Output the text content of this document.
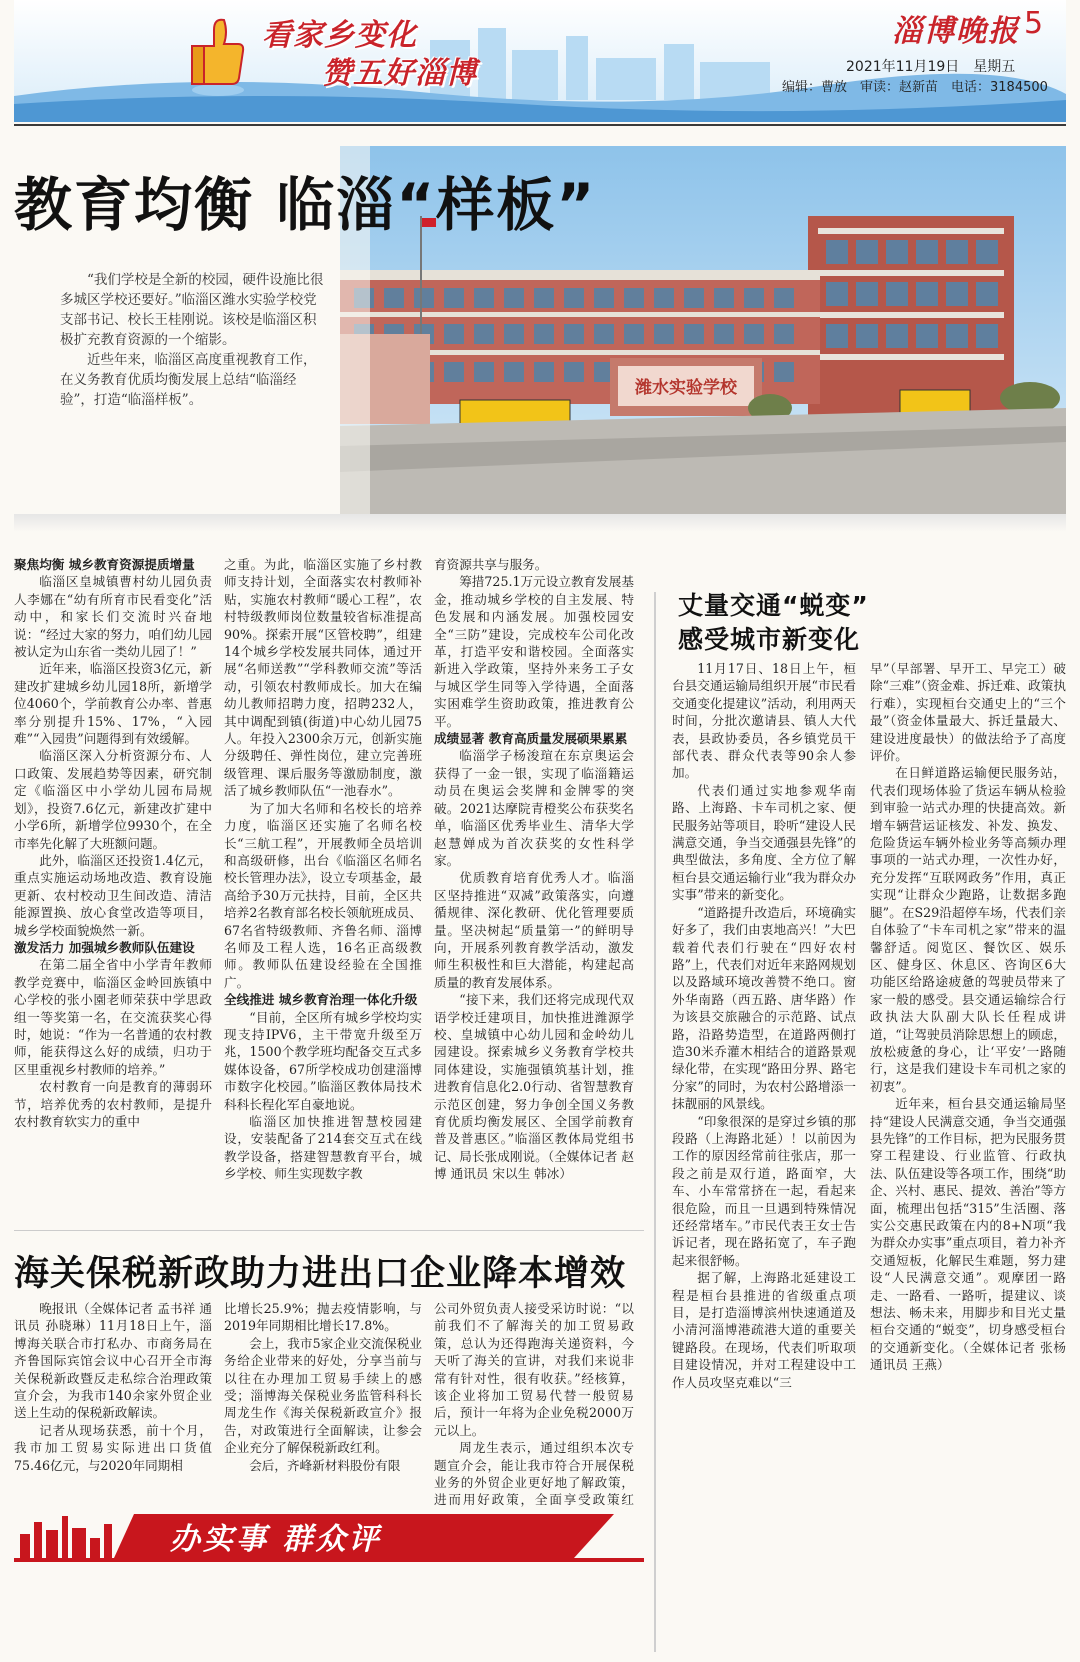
看家乡变化
赞五好淄博
淄博晚报 5
2021年11月19日　星期五
编辑：曹放　审读：赵新苗　电话：3184500
潍水实验学校
教育均衡 临淄“样板”

“我们学校是全新的校园，硬件设施比很多城区学校还要好。”临淄区潍水实验学校党支部书记、校长王桂刚说。该校是临淄区积极扩充教育资源的一个缩影。

近些年来，临淄区高度重视教育工作，在义务教育优质均衡发展上总结“临淄经验”，打造“临淄样板”。

聚焦均衡 城乡教育资源提质增量

临淄区皇城镇曹村幼儿园负责人李娜在“幼有所育市民看变化”活动中，和家长们交流时兴奋地说：“经过大家的努力，咱们幼儿园被认定为山东省一类幼儿园了！”

近年来，临淄区投资3亿元，新建改扩建城乡幼儿园18所，新增学位4060个，学前教育公办率、普惠率分别提升15%、17%，“入园难”“入园贵”问题得到有效缓解。

临淄区深入分析资源分布、人口政策、发展趋势等因素，研究制定《临淄区中小学幼儿园布局规划》，投资7.6亿元，新建改扩建中小学6所，新增学位9930个，在全市率先化解了大班额问题。

此外，临淄区还投资1.4亿元，重点实施运动场地改造、教育设施更新、农村校动卫生间改造、清洁能源置换、放心食堂改造等项目，城乡学校面貌焕然一新。

激发活力 加强城乡教师队伍建设

在第二届全省中小学青年教师教学竞赛中，临淄区金岭回族镇中心学校的张小園老师荣获中学思政组一等奖第一名，在交流获奖心得时，她说：“作为一名普通的农村教师，能获得这么好的成绩，归功于区里重视乡村教师的培养。”

农村教育一向是教育的薄弱环节，培养优秀的农村教师，是提升农村教育软实力的重中

之重。为此，临淄区实施了乡村教师支持计划，全面落实农村教师补贴，实施农村教师“暖心工程”，农村特级教师岗位数量较省标准提高90%。探索开展“区管校聘”，组建14个城乡学校发展共同体，通过开展“名师送教”“学科教师交流”等活动，引领农村教师成长。加大在编幼儿教师招聘力度，招聘232人，其中调配到镇(街道)中心幼儿园75人。年投入2300余万元，创新实施分级聘任、弹性岗位，建立完善班级管理、课后服务等激励制度，激活了城乡教师队伍“一池春水”。

为了加大名师和名校长的培养力度，临淄区还实施了名师名校长“三航工程”，开展教师全员培训和高级研修，出台《临淄区名师名校长管理办法》，设立专项基金，最高给予30万元扶持，目前，全区共培养2名教育部名校长领航班成员、67名省特级教师、齐鲁名师、淄博名师及工程人选，16名正高级教师。教师队伍建设经验在全国推广。

全线推进 城乡教育治理一体化升级

“目前，全区所有城乡学校均实现支持IPV6，主干带宽升级至万兆，1500个教学班均配备交互式多媒体设备，67所学校成功创建淄博市数字化校园。”临淄区教体局技术科科长程化军自豪地说。

临淄区加快推进智慧校园建设，安装配备了214套交互式在线教学设备，搭建智慧教育平台，城乡学校、师生实现数字教

育资源共享与服务。

筹措725.1万元设立教育发展基金，推动城乡学校的自主发展、特色发展和内涵发展。加强校园安全“三防”建设，完成校车公司化改革，打造平安和谐校园。全面落实新进入学政策，坚持外来务工子女与城区学生同等入学待遇，全面落实困难学生资助政策，推进教育公平。

成绩显著 教育高质量发展硕果累累

临淄学子杨浚瑄在东京奥运会获得了一金一银，实现了临淄籍运动员在奥运会奖牌和金牌零的突破。2021达摩院青橙奖公布获奖名单，临淄区优秀毕业生、清华大学赵慧婵成为首次获奖的女性科学家。

优质教育培育优秀人才。临淄区坚持推进“双减”政策落实，向遵循规律、深化教研、优化管理要质量。坚决树起“质量第一”的鲜明导向，开展系列教育教学活动，激发师生积极性和巨大潜能，构建起高质量的教育发展体系。

“接下来，我们还将完成现代双语学校迁建项目，加快推进潍源学校、皇城镇中心幼儿园和金岭幼儿园建设。探索城乡义务教育学校共同体建设，实施强镇筑基计划，推进教育信息化2.0行动、省智慧教育示范区创建，努力争创全国义务教育优质均衡发展区、全国学前教育普及普惠区。”临淄区教体局党组书记、局长张成刚说。（全媒体记者 赵博 通讯员 宋以生 韩冰）

丈量交通“蜕变”
感受城市新变化

11月17日、18日上午，桓台县交通运输局组织开展“市民看交通变化提建议”活动，利用两天时间，分批次邀请县、镇人大代表，县政协委员，各乡镇党员干部代表、群众代表等90余人参加。

代表们通过实地参观华南路、上海路、卡车司机之家、便民服务站等项目，聆听“建设人民满意交通，争当交通强县先锋”的典型做法，多角度、全方位了解桓台县交通运输行业“我为群众办实事”带来的新变化。

“道路提升改造后，环境确实好多了，我们由衷地高兴！”大巴载着代表们行驶在“四好农村路”上，代表们对近年来路网规划以及路域环境改善赞不绝口。窗外华南路（西五路、唐华路）作为该县交旅融合的示范路、试点路，沿路势造型，在道路两侧打造30米乔灌木相结合的道路景观绿化带，在实现“路田分界、路宅分家”的同时，为农村公路增添一抹靓丽的风景线。

“印象很深的是穿过乡镇的那段路（上海路北延）！以前因为工作的原因经常前往张店，那一段之前是双行道，路面窄，大车、小车常常挤在一起，看起来很危险，而且一旦遇到特殊情况还经常堵车。”市民代表王女士告诉记者，现在路拓宽了，车子跑起来很舒畅。

据了解，上海路北延建设工程是桓台县推进的省级重点项目，是打造淄博滨州快速通道及小清河淄博港疏港大道的重要关键路段。在现场，代表们听取项目建设情况，并对工程建设中工作人员攻坚克难以“三

早”（早部署、早开工、早完工）破除“三难”（资金难、拆迁难、政策执行难），实现桓台交通史上的“三个最”（资金体量最大、拆迁量最大、建设进度最快）的做法给予了高度评价。

在日鲜道路运输便民服务站，代表们现场体验了货运车辆从检验到审验一站式办理的快捷高效。新增车辆营运证核发、补发、换发、危险货运车辆外检业务等高频办理事项的一站式办理，一次性办好，充分发挥“互联网政务”作用，真正实现“让群众少跑路，让数据多跑腿”。在S29沿超停车场，代表们亲自体验了“卡车司机之家”带来的温馨舒适。阅览区、餐饮区、娱乐区、健身区、休息区、咨询区6大功能区给路途疲惫的驾驶员带来了家一般的感受。县交通运输综合行政执法大队副大队长任程成讲道，“让驾驶员消除思想上的顾虑，放松疲惫的身心，让‘平安’一路随行，这是我们建设卡车司机之家的初衷”。

近年来，桓台县交通运输局坚持“建设人民满意交通，争当交通强县先锋”的工作目标，把为民服务贯穿工程建设、行业监管、行政执法、队伍建设等各项工作，围绕“助企、兴村、惠民、提效、善治”等方面，梳理出包括“315”生活圈、落实公交惠民政策在内的8+N项“我为群众办实事”重点项目，着力补齐交通短板，化解民生难题，努力建设“人民满意交通”。观摩团一路走、一路看、一路听，提建议、谈想法、畅未来，用脚步和目光丈量桓台交通的“蜕变”，切身感受桓台的交通新变化。（全媒体记者 张杨 通讯员 王燕）

海关保税新政助力进出口企业降本增效

晚报讯（全媒体记者 孟书祥 通讯员 孙晓琳）11月18日上午，淄博海关联合市打私办、市商务局在齐鲁国际宾馆会议中心召开全市海关保税新政暨反走私综合治理政策宣介会，为我市140余家外贸企业送上生动的保税新政解读。

记者从现场获悉，前十个月，我市加工贸易实际进出口货值75.46亿元，与2020年同期相

比增长25.9%；抛去疫情影响，与2019年同期相比增长17.8%。

会上，我市5家企业交流保税业务给企业带来的好处，分享当前与以往在办理加工贸易手续上的感受；淄博海关保税业务监管科科长周龙生作《海关保税新政宣介》报告，对政策进行全面解读，让参会企业充分了解保税新政红利。

会后，齐峰新材料股份有限

公司外贸负责人接受采访时说：“以前我们不了解海关的加工贸易政策，总认为还得跑海关递资料，今天听了海关的宣讲，对我们来说非常有针对性，很有收获。”经核算，该企业将加工贸易代替一般贸易后，预计一年将为企业免税2000万元以上。

周龙生表示，通过组织本次专题宣介会，能让我市符合开展保税业务的外贸企业更好地了解政策，进而用好政策，全面享受政策红

办实事 群众评
